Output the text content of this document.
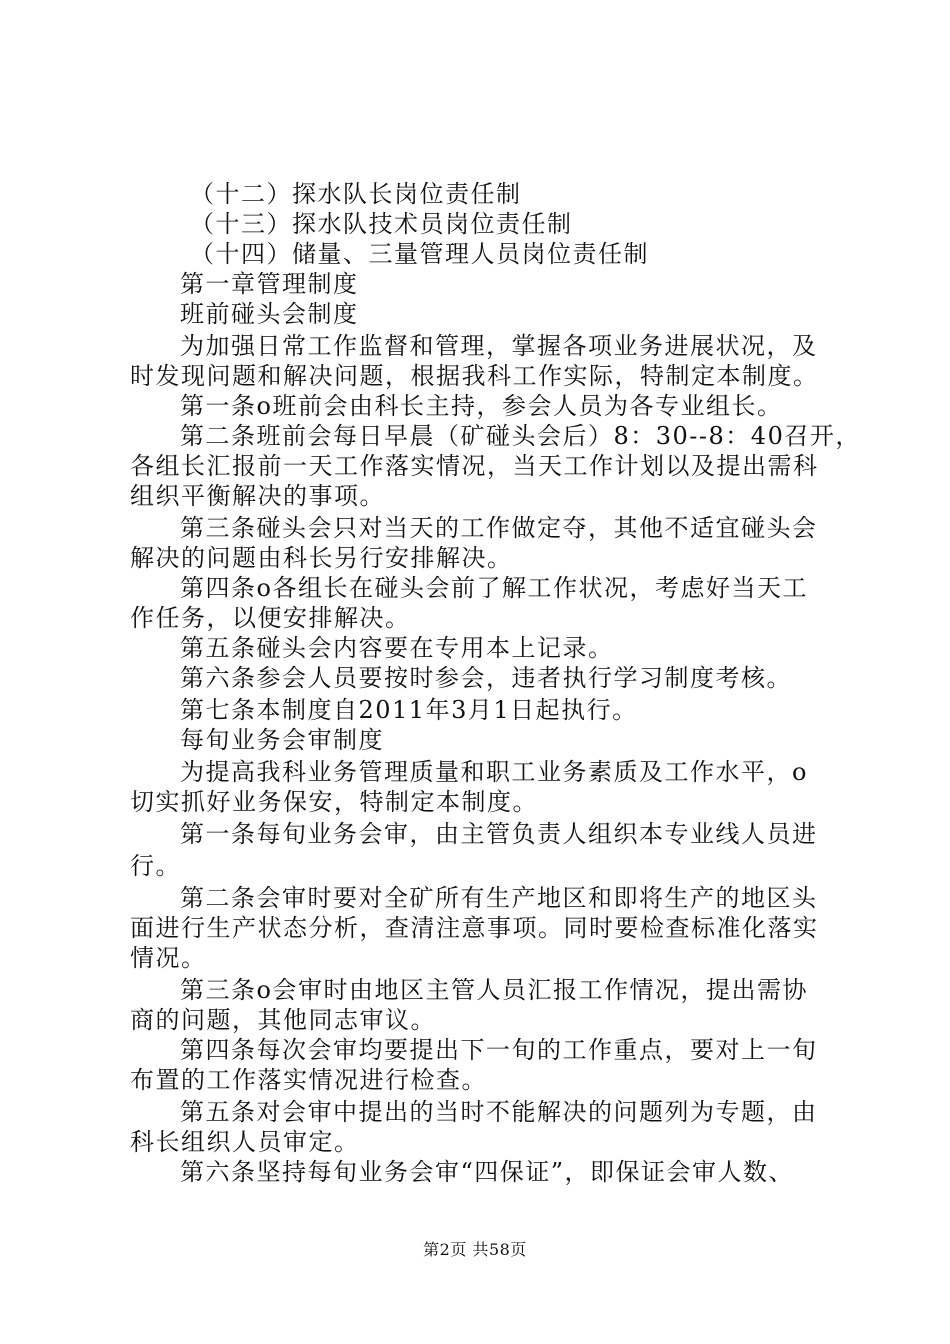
（十二）探水队长岗位责任制
（十三）探水队技术员岗位责任制
（十四）储量、三量管理人员岗位责任制
第一章管理制度
班前碰头会制度
为加强日常工作监督和管理，掌握各项业务进展状况，及
时发现问题和解决问题，根据我科工作实际，特制定本制度。
第一条o班前会由科长主持，参会人员为各专业组长。
第二条班前会每日早晨（矿碰头会后）8：30--8：40召开，
各组长汇报前一天工作落实情况，当天工作计划以及提出需科
组织平衡解决的事项。
第三条碰头会只对当天的工作做定夺，其他不适宜碰头会
解决的问题由科长另行安排解决。
第四条o各组长在碰头会前了解工作状况，考虑好当天工
作任务，以便安排解决。
第五条碰头会内容要在专用本上记录。
第六条参会人员要按时参会，违者执行学习制度考核。
第七条本制度自2011年3月1日起执行。
每旬业务会审制度
为提高我科业务管理质量和职工业务素质及工作水平，o
切实抓好业务保安，特制定本制度。
第一条每旬业务会审，由主管负责人组织本专业线人员进
行。
第二条会审时要对全矿所有生产地区和即将生产的地区头
面进行生产状态分析，查清注意事项。同时要检查标准化落实
情况。
第三条o会审时由地区主管人员汇报工作情况，提出需协
商的问题，其他同志审议。
第四条每次会审均要提出下一旬的工作重点，要对上一旬
布置的工作落实情况进行检查。
第五条对会审中提出的当时不能解决的问题列为专题，由
科长组织人员审定。
第六条坚持每旬业务会审“四保证”，即保证会审人数、
第2页 共58页
